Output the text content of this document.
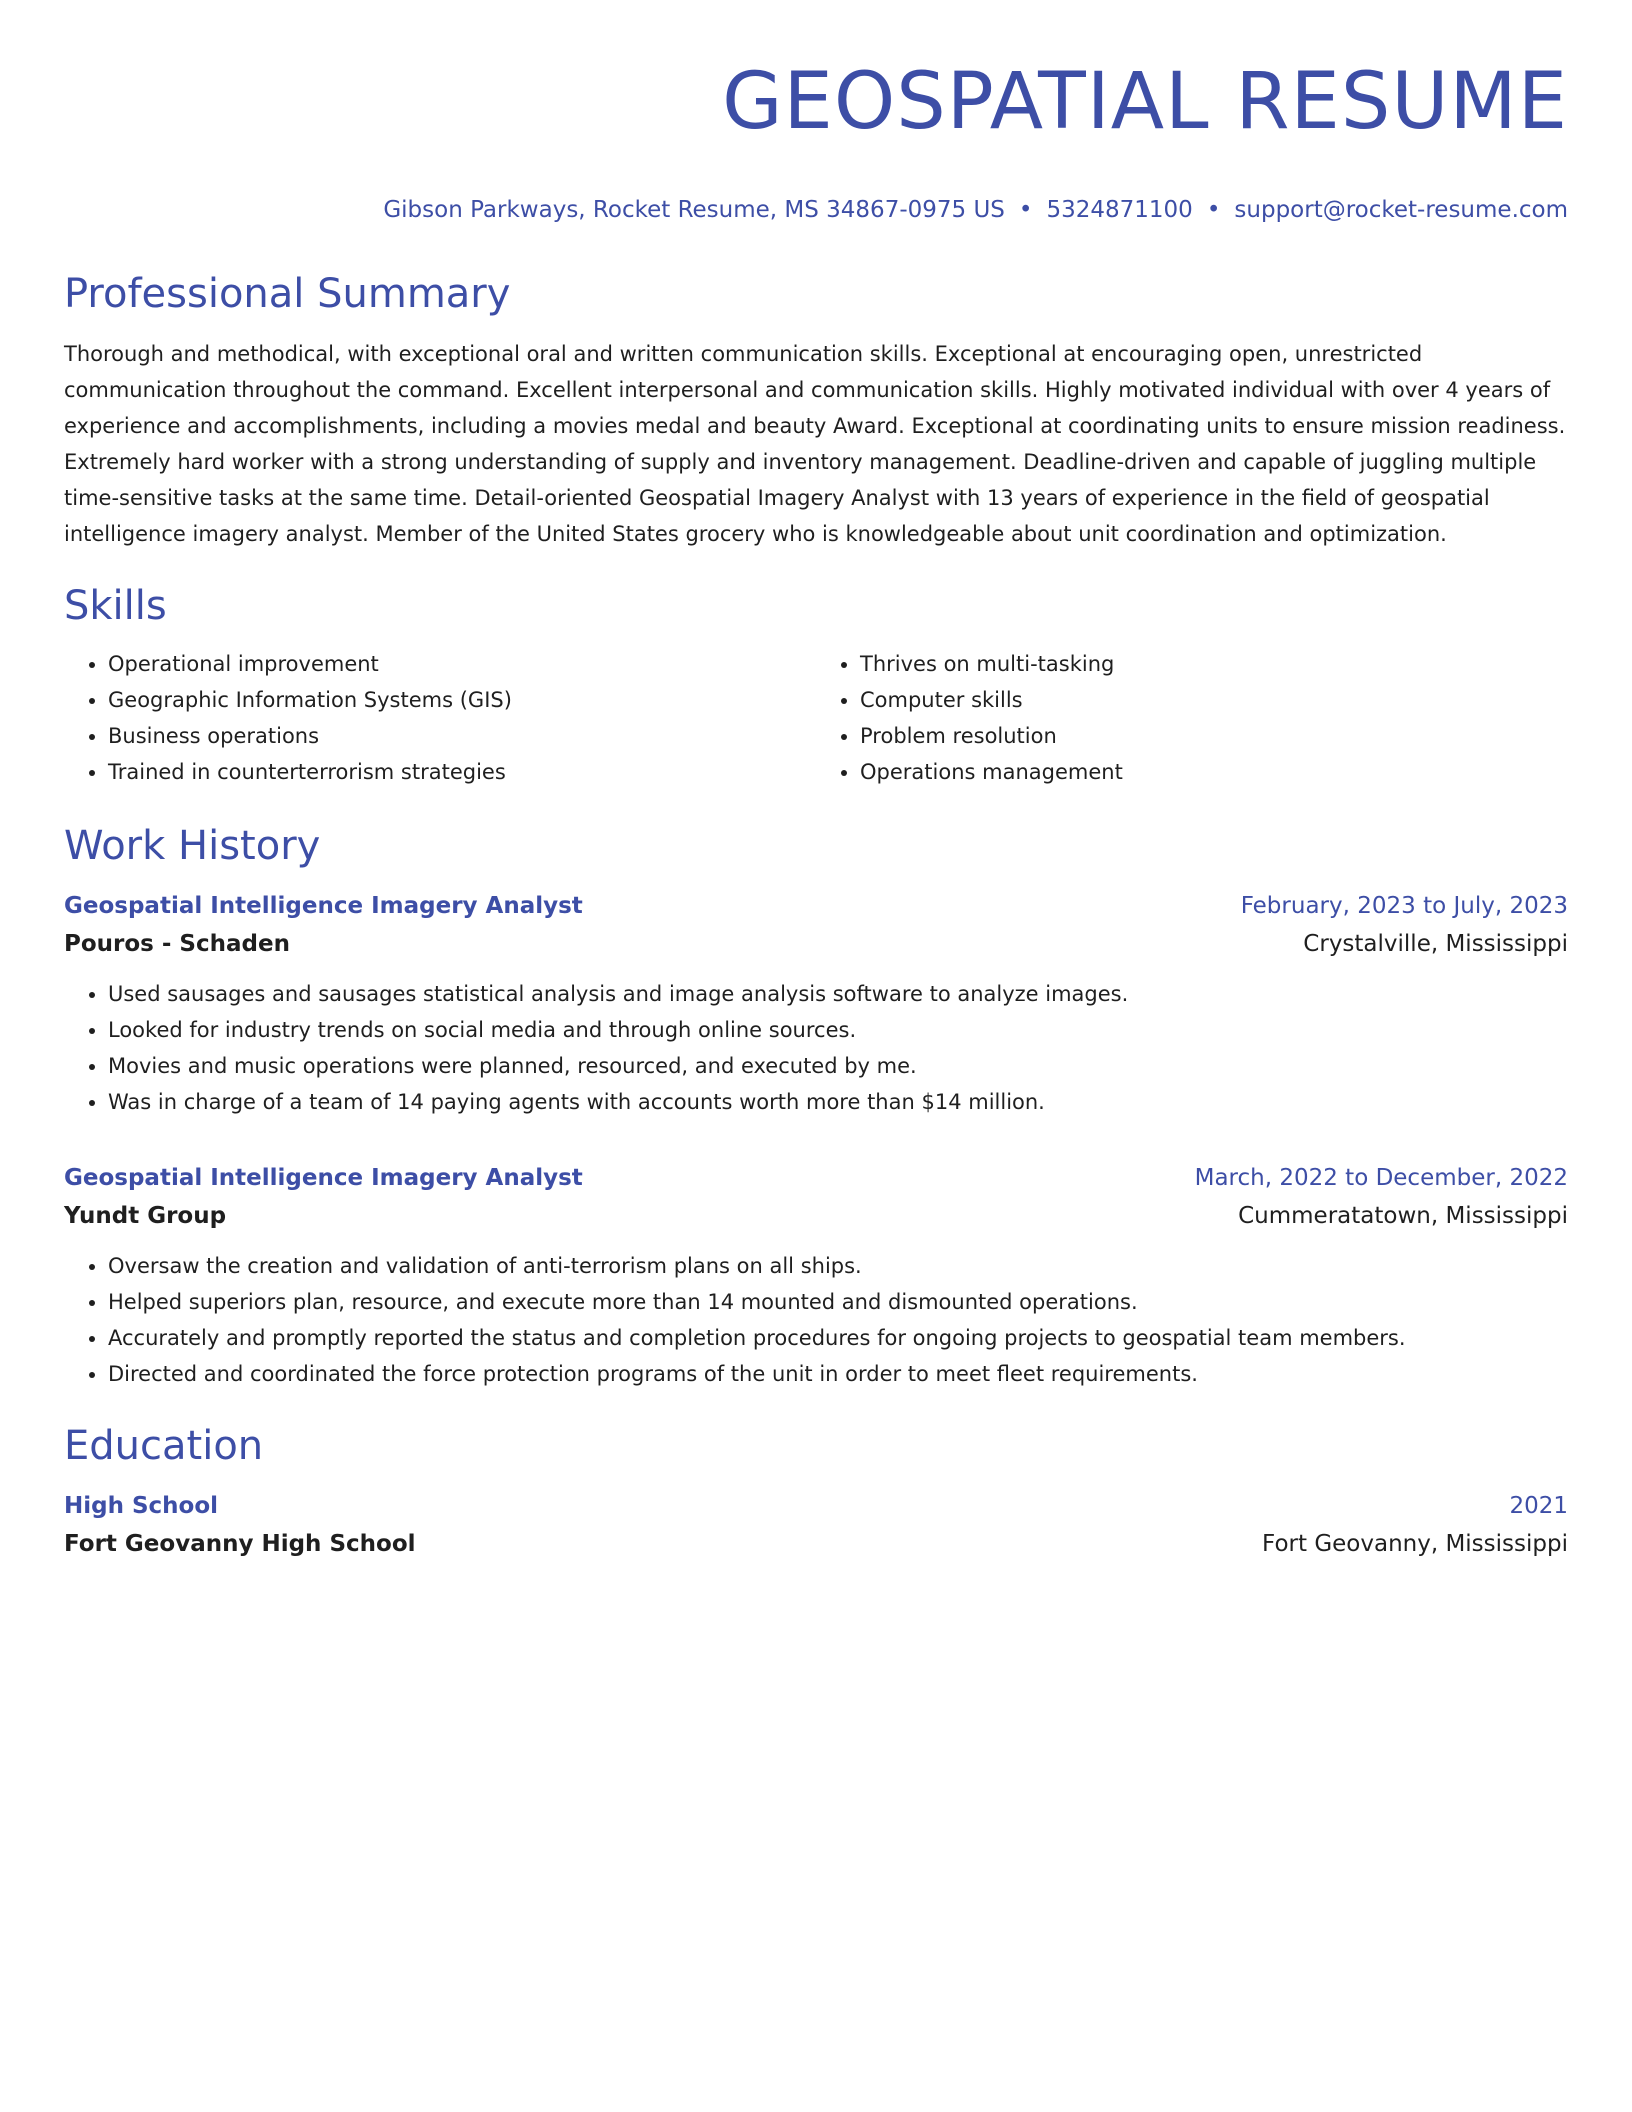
GEOSPATIAL RESUME
Gibson Parkways, Rocket Resume, MS 34867-0975 US • 5324871100 • support@rocket-resume.com
Professional Summary

Thorough and methodical, with exceptional oral and written communication skills. Exceptional at encouraging open, unrestricted communication throughout the command. Excellent interpersonal and communication skills. Highly motivated individual with over 4 years of experience and accomplishments, including a movies medal and beauty Award. Exceptional at coordinating units to ensure mission readiness. Extremely hard worker with a strong understanding of supply and inventory management. Deadline-driven and capable of juggling multiple time-sensitive tasks at the same time. Detail-oriented Geospatial Imagery Analyst with 13 years of experience in the field of geospatial intelligence imagery analyst. Member of the United States grocery who is knowledgeable about unit coordination and optimization.

Skills
• Operational improvement
• Geographic Information Systems (GIS)
• Business operations
• Trained in counterterrorism strategies
• Thrives on multi-tasking
• Computer skills
• Problem resolution
• Operations management
Work History
Geospatial Intelligence Imagery Analyst	February, 2023 to July, 2023
Pouros - Schaden	Crystalville, Mississippi
• Used sausages and sausages statistical analysis and image analysis software to analyze images.
• Looked for industry trends on social media and through online sources.
• Movies and music operations were planned, resourced, and executed by me.
• Was in charge of a team of 14 paying agents with accounts worth more than $14 million.
Geospatial Intelligence Imagery Analyst	March, 2022 to December, 2022
Yundt Group	Cummeratatown, Mississippi
• Oversaw the creation and validation of anti-terrorism plans on all ships.
• Helped superiors plan, resource, and execute more than 14 mounted and dismounted operations.
• Accurately and promptly reported the status and completion procedures for ongoing projects to geospatial team members.
• Directed and coordinated the force protection programs of the unit in order to meet fleet requirements.
Education
High School	2021
Fort Geovanny High School	Fort Geovanny, Mississippi
